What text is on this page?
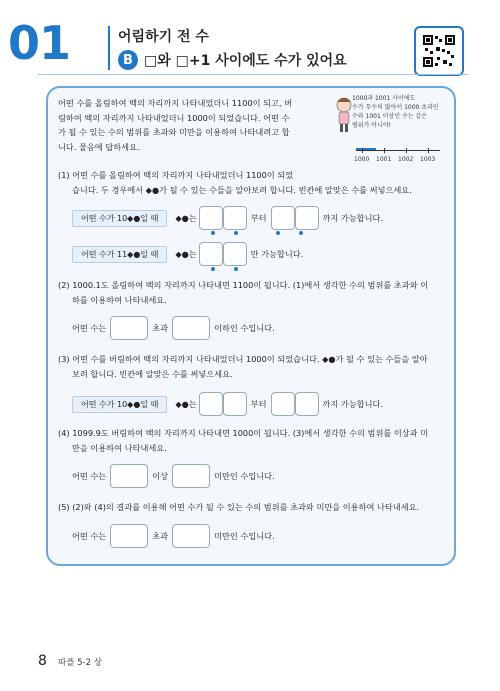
01	어림하기 전 수
B □와 □+1 사이에도 수가 있어요
어떤 수를 올림하여 백의 자리까지 나타내었더니 1100이 되고, 버
림하여 백의 자리까지 나타내었더니 1000이 되었습니다. 어떤 수
가 될 수 있는 수의 범위를 초과와 미만을 이용하여 나타내려고 합
니다. 물음에 답하세요.
1000과 1001 사이에도
수가 무수히 많아서 1000 초과인
수와 1001 이상인 수는 같은
범위가 아니야!
1000 1001 1002 1003
(1) 어떤 수를 올림하여 백의 자리까지 나타내었더니 1100이 되었
습니다. 두 경우에서 ◆●가 될 수 있는 수들을 알아보려 합니다. 빈칸에 알맞은 수를 써넣으세요.
어떤 수가 10◆●일 때	◆●는	부터	까지 가능합니다.
어떤 수가 11◆●일 때	◆●는	만 가능합니다.
(2) 1000.1도 올림하여 백의 자리까지 나타내면 1100이 됩니다. (1)에서 생각한 수의 범위를 초과와 이
하를 이용하여 나타내세요.
어떤 수는	초과	이하인 수입니다.
(3) 어떤 수를 버림하여 백의 자리까지 나타내었더니 1000이 되었습니다. ◆●가 될 수 있는 수들을 알아
보려 합니다. 빈칸에 알맞은 수를 써넣으세요.
어떤 수가 10◆●일 때	◆●는	부터	까지 가능합니다.
(4) 1099.9도 버림하여 백의 자리까지 나타내면 1000이 됩니다. (3)에서 생각한 수의 범위를 이상과 미
만을 이용하여 나타내세요.
어떤 수는	이상	미만인 수입니다.
(5) (2)와 (4)의 결과를 이용해 어떤 수가 될 수 있는 수의 범위를 초과와 미만을 이용하여 나타내세요.
어떤 수는	초과	미만인 수입니다.
8 따플 5-2 상
